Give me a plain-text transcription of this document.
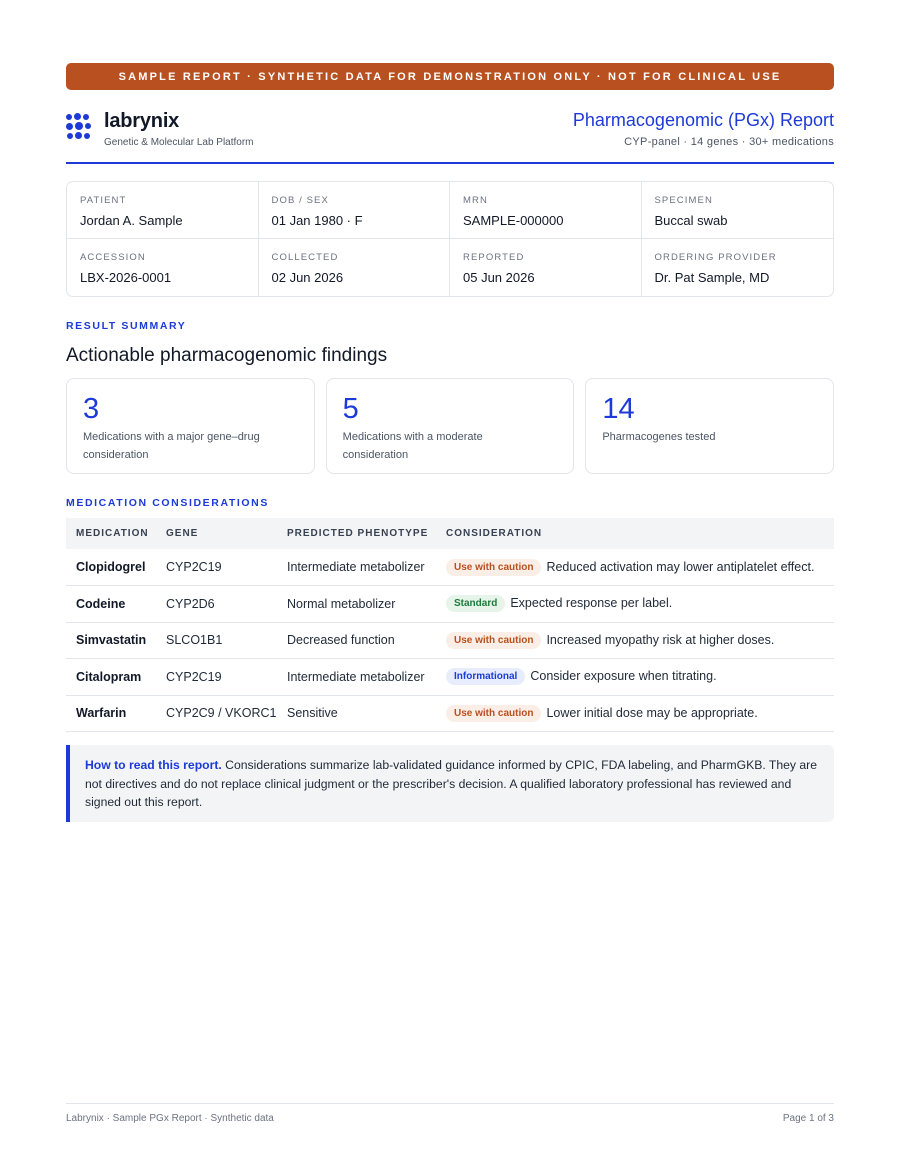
SAMPLE REPORT · SYNTHETIC DATA FOR DEMONSTRATION ONLY · NOT FOR CLINICAL USE
labrynix
Genetic & Molecular Lab Platform
Pharmacogenomic (PGx) Report
CYP-panel · 14 genes · 30+ medications
PATIENT
Jordan A. Sample
DOB / SEX
01 Jan 1980 · F
MRN
SAMPLE-000000
SPECIMEN
Buccal swab
ACCESSION
LBX-2026-0001
COLLECTED
02 Jun 2026
REPORTED
05 Jun 2026
ORDERING PROVIDER
Dr. Pat Sample, MD
RESULT SUMMARY
Actionable pharmacogenomic findings
3
Medications with a major gene–drug consideration
5
Medications with a moderate consideration
14
Pharmacogenes tested
MEDICATION CONSIDERATIONS
MEDICATION	GENE	PREDICTED PHENOTYPE	CONSIDERATION
Clopidogrel	CYP2C19	Intermediate metabolizer	Use with caution Reduced activation may lower antiplatelet effect.
Codeine	CYP2D6	Normal metabolizer	Standard Expected response per label.
Simvastatin	SLCO1B1	Decreased function	Use with caution Increased myopathy risk at higher doses.
Citalopram	CYP2C19	Intermediate metabolizer	Informational Consider exposure when titrating.
Warfarin	CYP2C9 / VKORC1	Sensitive	Use with caution Lower initial dose may be appropriate.
How to read this report. Considerations summarize lab-validated guidance informed by CPIC, FDA labeling, and PharmGKB. They are not directives and do not replace clinical judgment or the prescriber's decision. A qualified laboratory professional has reviewed and signed out this report.
Labrynix · Sample PGx Report · Synthetic data	Page 1 of 3
